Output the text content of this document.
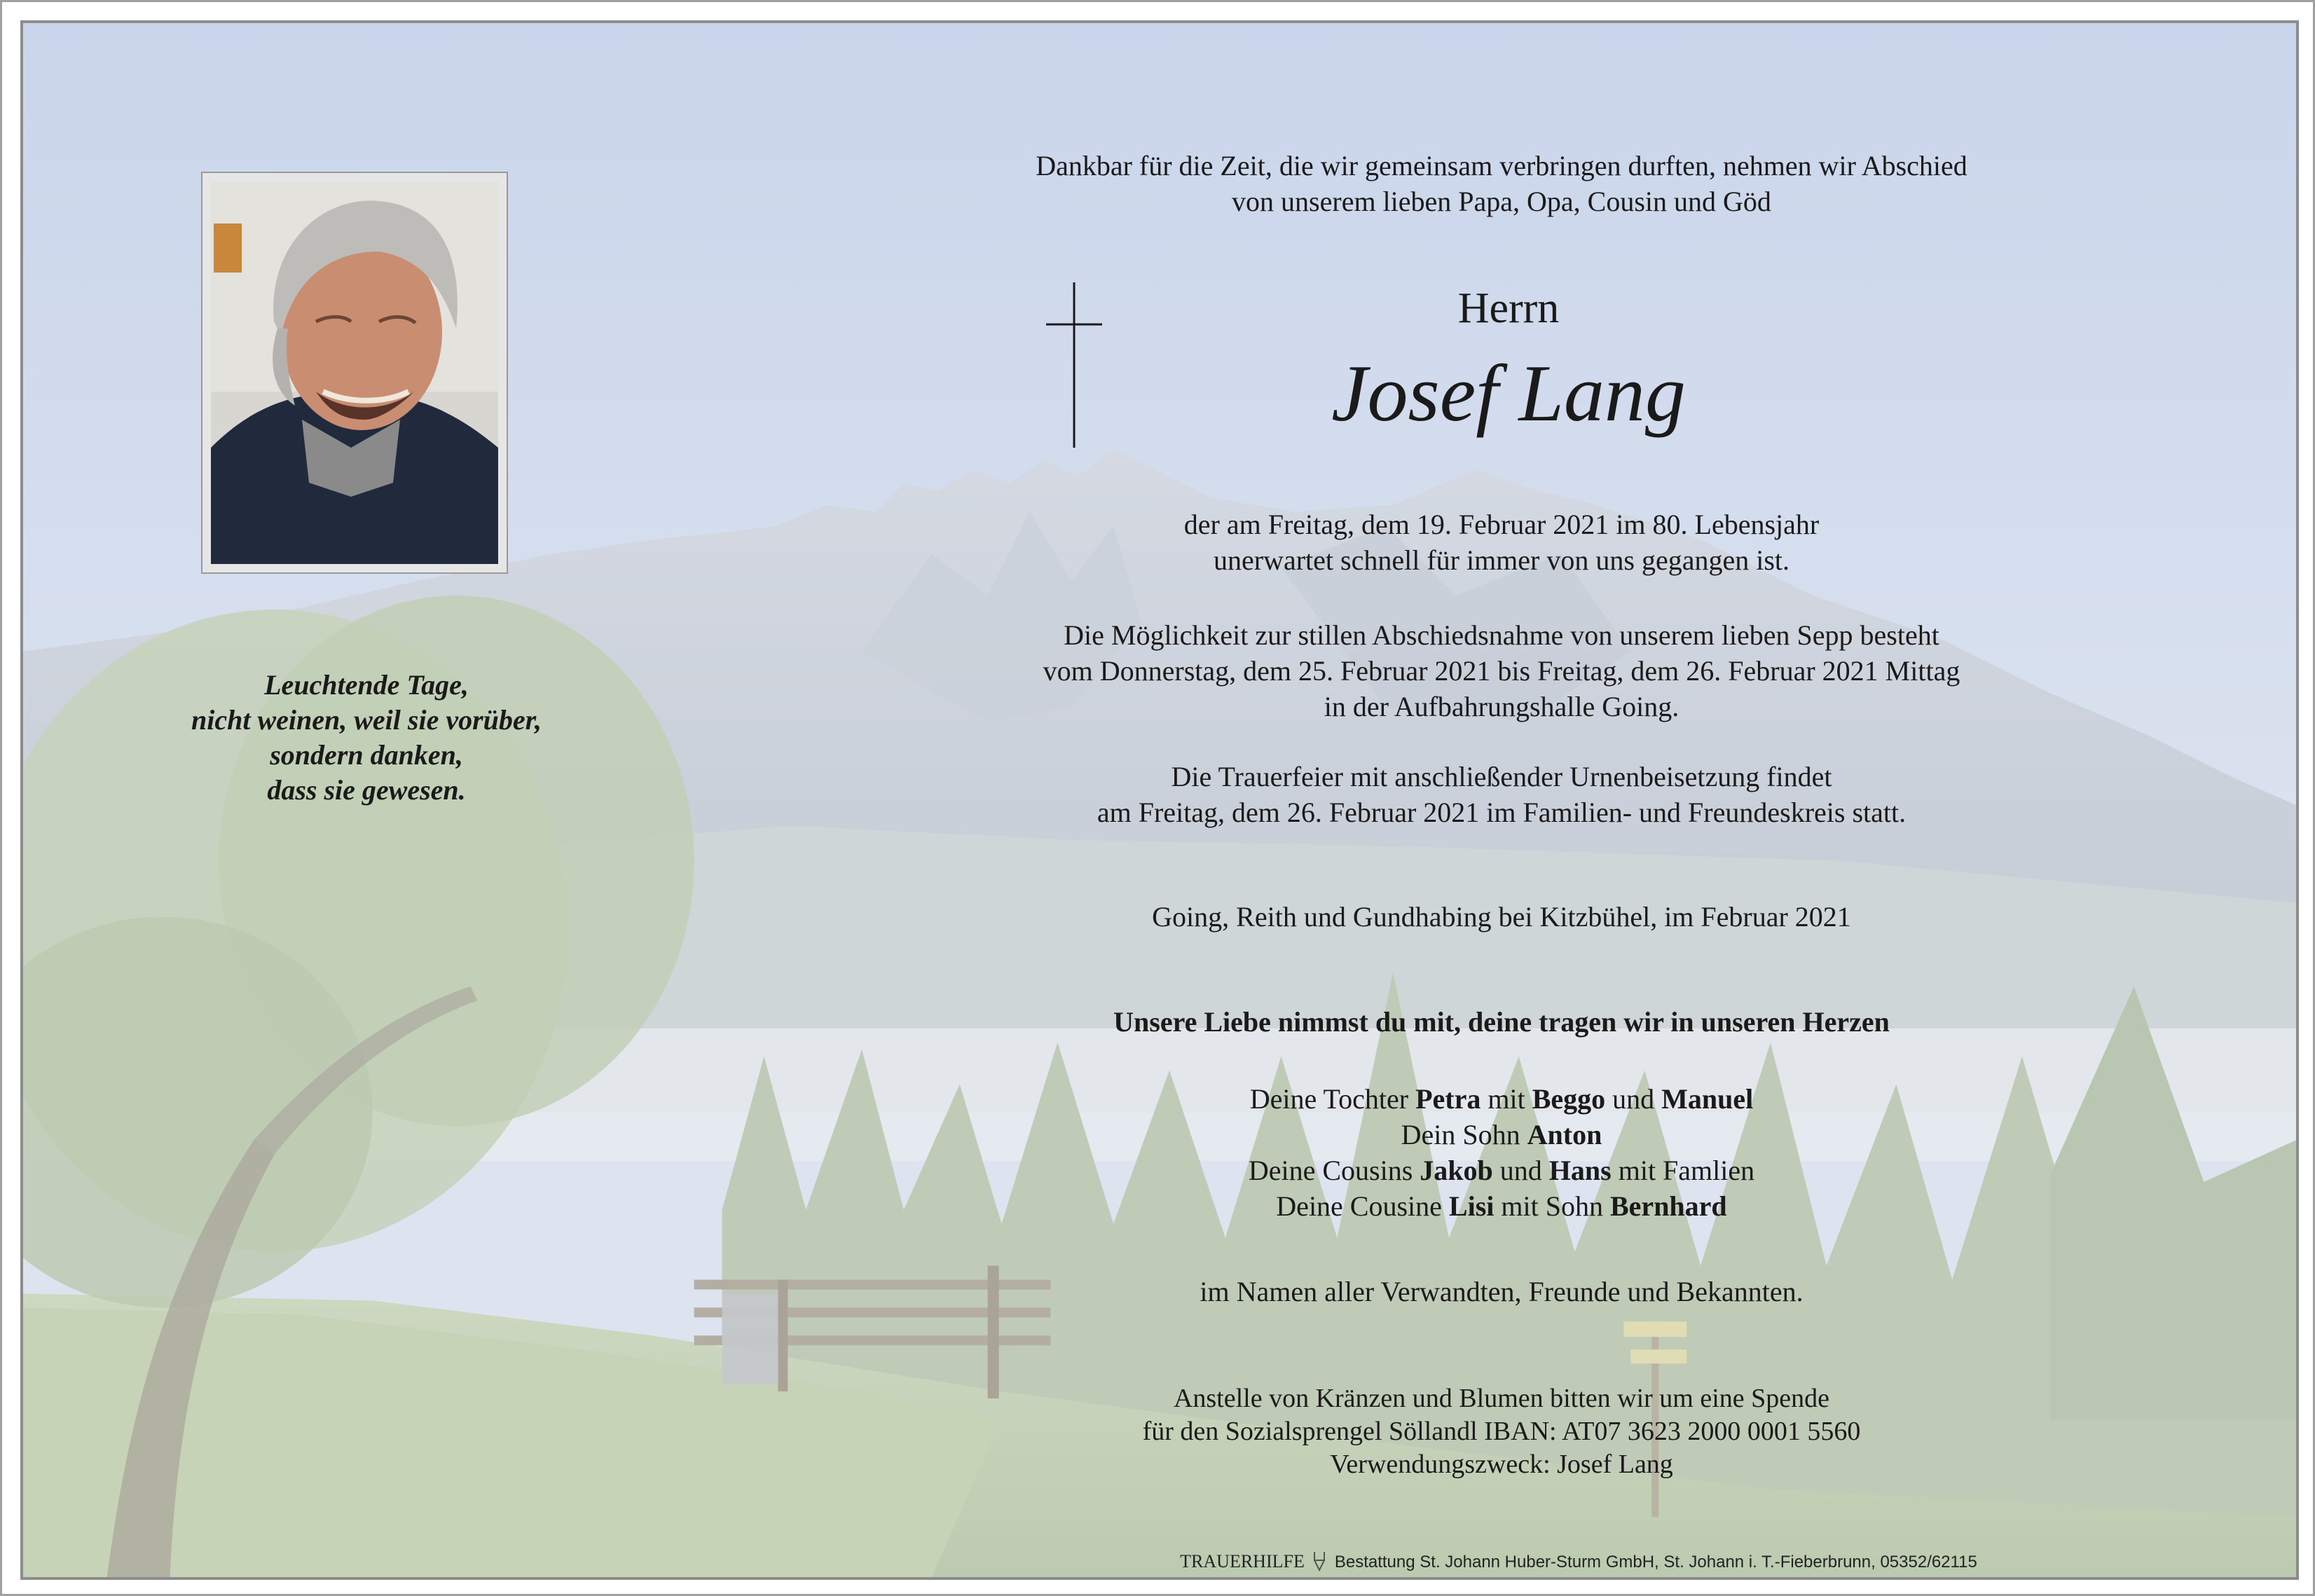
Leuchtende Tage,
nicht weinen, weil sie vorüber,
sondern danken,
dass sie gewesen.
Dankbar für die Zeit, die wir gemeinsam verbringen durften, nehmen wir Abschied
von unserem lieben Papa, Opa, Cousin und Göd
Herrn
Josef Lang
der am Freitag, dem 19. Februar 2021 im 80. Lebensjahr
unerwartet schnell für immer von uns gegangen ist.
Die Möglichkeit zur stillen Abschiedsnahme von unserem lieben Sepp besteht
vom Donnerstag, dem 25. Februar 2021 bis Freitag, dem 26. Februar 2021 Mittag
in der Aufbahrungshalle Going.
Die Trauerfeier mit anschließender Urnenbeisetzung findet
am Freitag, dem 26. Februar 2021 im Familien- und Freundeskreis statt.
Going, Reith und Gundhabing bei Kitzbühel, im Februar 2021
Unsere Liebe nimmst du mit, deine tragen wir in unseren Herzen
Deine Tochter Petra mit Beggo und Manuel
Dein Sohn Anton
Deine Cousins Jakob und Hans mit Famlien
Deine Cousine Lisi mit Sohn Bernhard
im Namen aller Verwandten, Freunde und Bekannten.
Anstelle von Kränzen und Blumen bitten wir um eine Spende
für den Sozialsprengel Söllandl IBAN: AT07 3623 2000 0001 5560
Verwendungszweck: Josef Lang
TRAUERHILFE Bestattung St. Johann Huber-Sturm GmbH, St. Johann i. T.-Fieberbrunn, 05352/62115
